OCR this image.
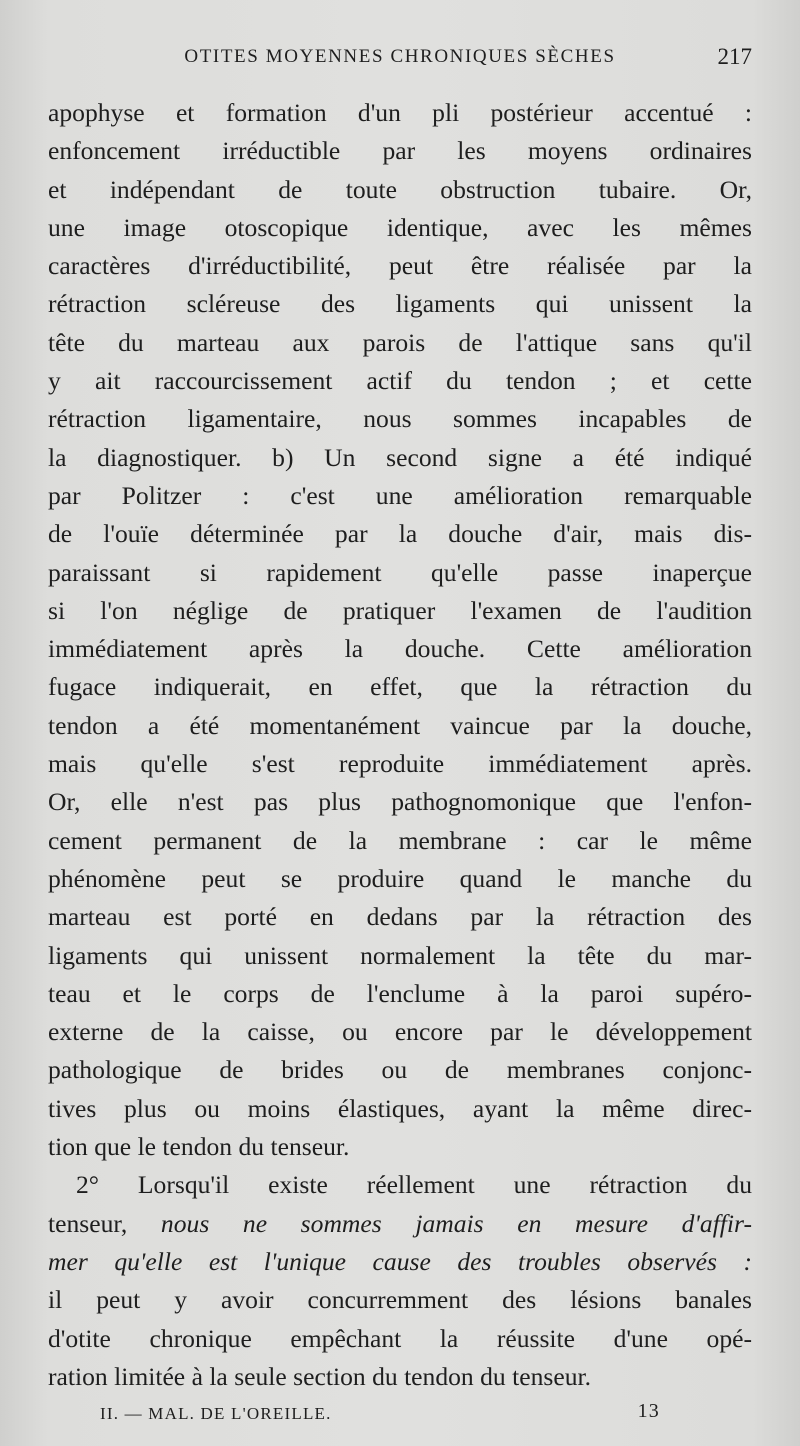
OTITES MOYENNES CHRONIQUES SÈCHES	217
apophyse et formation d'un pli postérieur accentué :
enfoncement irréductible par les moyens ordinaires
et indépendant de toute obstruction tubaire. Or,
une image otoscopique identique, avec les mêmes
caractères d'irréductibilité, peut être réalisée par la
rétraction scléreuse des ligaments qui unissent la
tête du marteau aux parois de l'attique sans qu'il
y ait raccourcissement actif du tendon ; et cette
rétraction ligamentaire, nous sommes incapables de
la diagnostiquer. b) Un second signe a été indiqué
par Politzer : c'est une amélioration remarquable
de l'ouïe déterminée par la douche d'air, mais dis-
paraissant si rapidement qu'elle passe inaperçue
si l'on néglige de pratiquer l'examen de l'audition
immédiatement après la douche. Cette amélioration
fugace indiquerait, en effet, que la rétraction du
tendon a été momentanément vaincue par la douche,
mais qu'elle s'est reproduite immédiatement après.
Or, elle n'est pas plus pathognomonique que l'enfon-
cement permanent de la membrane : car le même
phénomène peut se produire quand le manche du
marteau est porté en dedans par la rétraction des
ligaments qui unissent normalement la tête du mar-
teau et le corps de l'enclume à la paroi supéro-
externe de la caisse, ou encore par le développement
pathologique de brides ou de membranes conjonc-
tives plus ou moins élastiques, ayant la même direc-
tion que le tendon du tenseur.
2° Lorsqu'il existe réellement une rétraction du
tenseur, nous ne sommes jamais en mesure d'affir-
mer qu'elle est l'unique cause des troubles observés :
il peut y avoir concurremment des lésions banales
d'otite chronique empêchant la réussite d'une opé-
ration limitée à la seule section du tendon du tenseur.
II. — MAL. DE L'OREILLE.	13
